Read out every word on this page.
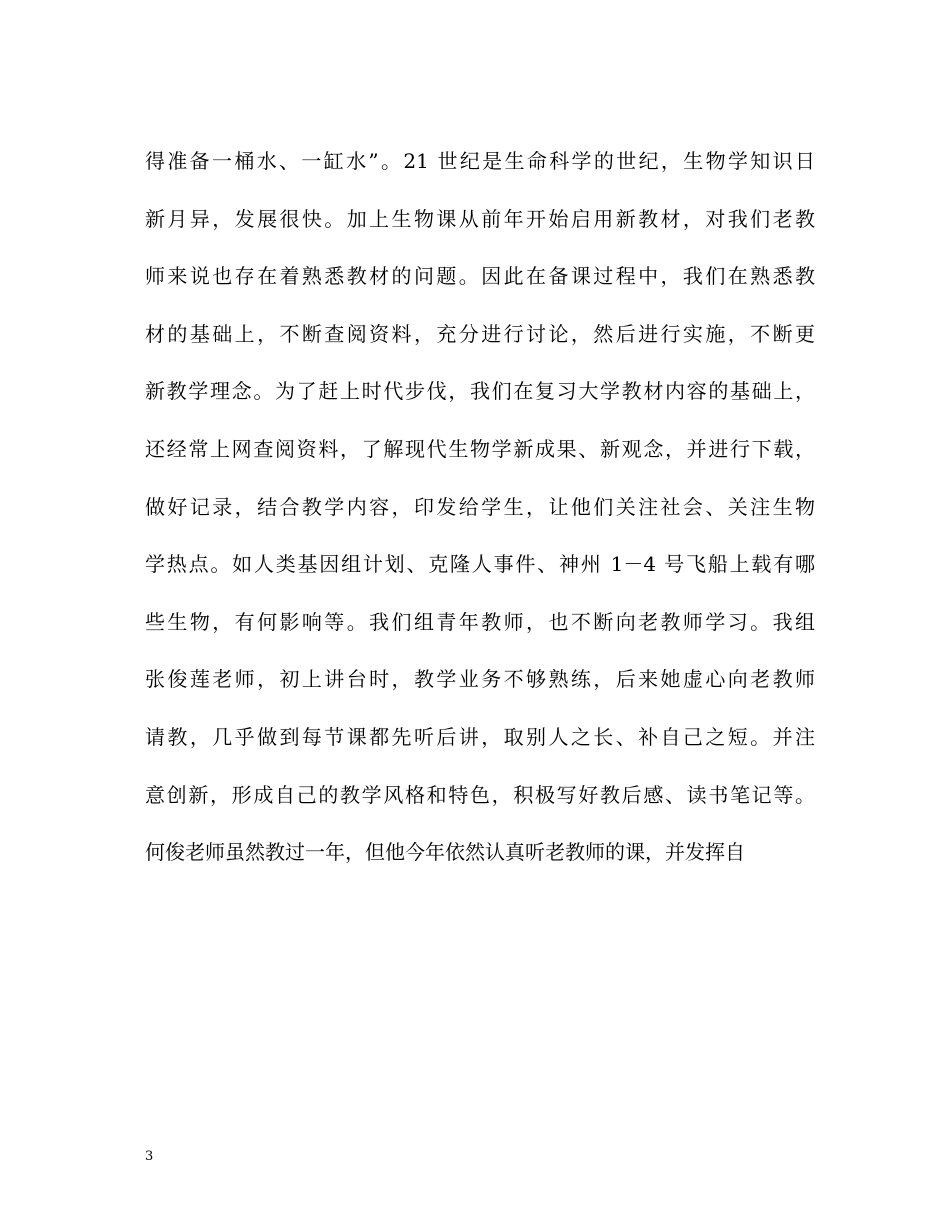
得准备一桶水、一缸水”。21 世纪是生命科学的世纪，生物学知识日
新月异，发展很快。加上生物课从前年开始启用新教材，对我们老教
师来说也存在着熟悉教材的问题。因此在备课过程中，我们在熟悉教
材的基础上，不断查阅资料，充分进行讨论，然后进行实施，不断更
新教学理念。为了赶上时代步伐，我们在复习大学教材内容的基础上，
还经常上网查阅资料，了解现代生物学新成果、新观念，并进行下载，
做好记录，结合教学内容，印发给学生，让他们关注社会、关注生物
学热点。如人类基因组计划、克隆人事件、神州 1－4 号飞船上载有哪
些生物，有何影响等。我们组青年教师，也不断向老教师学习。我组
张俊莲老师，初上讲台时，教学业务不够熟练，后来她虚心向老教师
请教，几乎做到每节课都先听后讲，取别人之长、补自己之短。并注
意创新，形成自己的教学风格和特色，积极写好教后感、读书笔记等。
何俊老师虽然教过一年，但他今年依然认真听老教师的课，并发挥自
3
